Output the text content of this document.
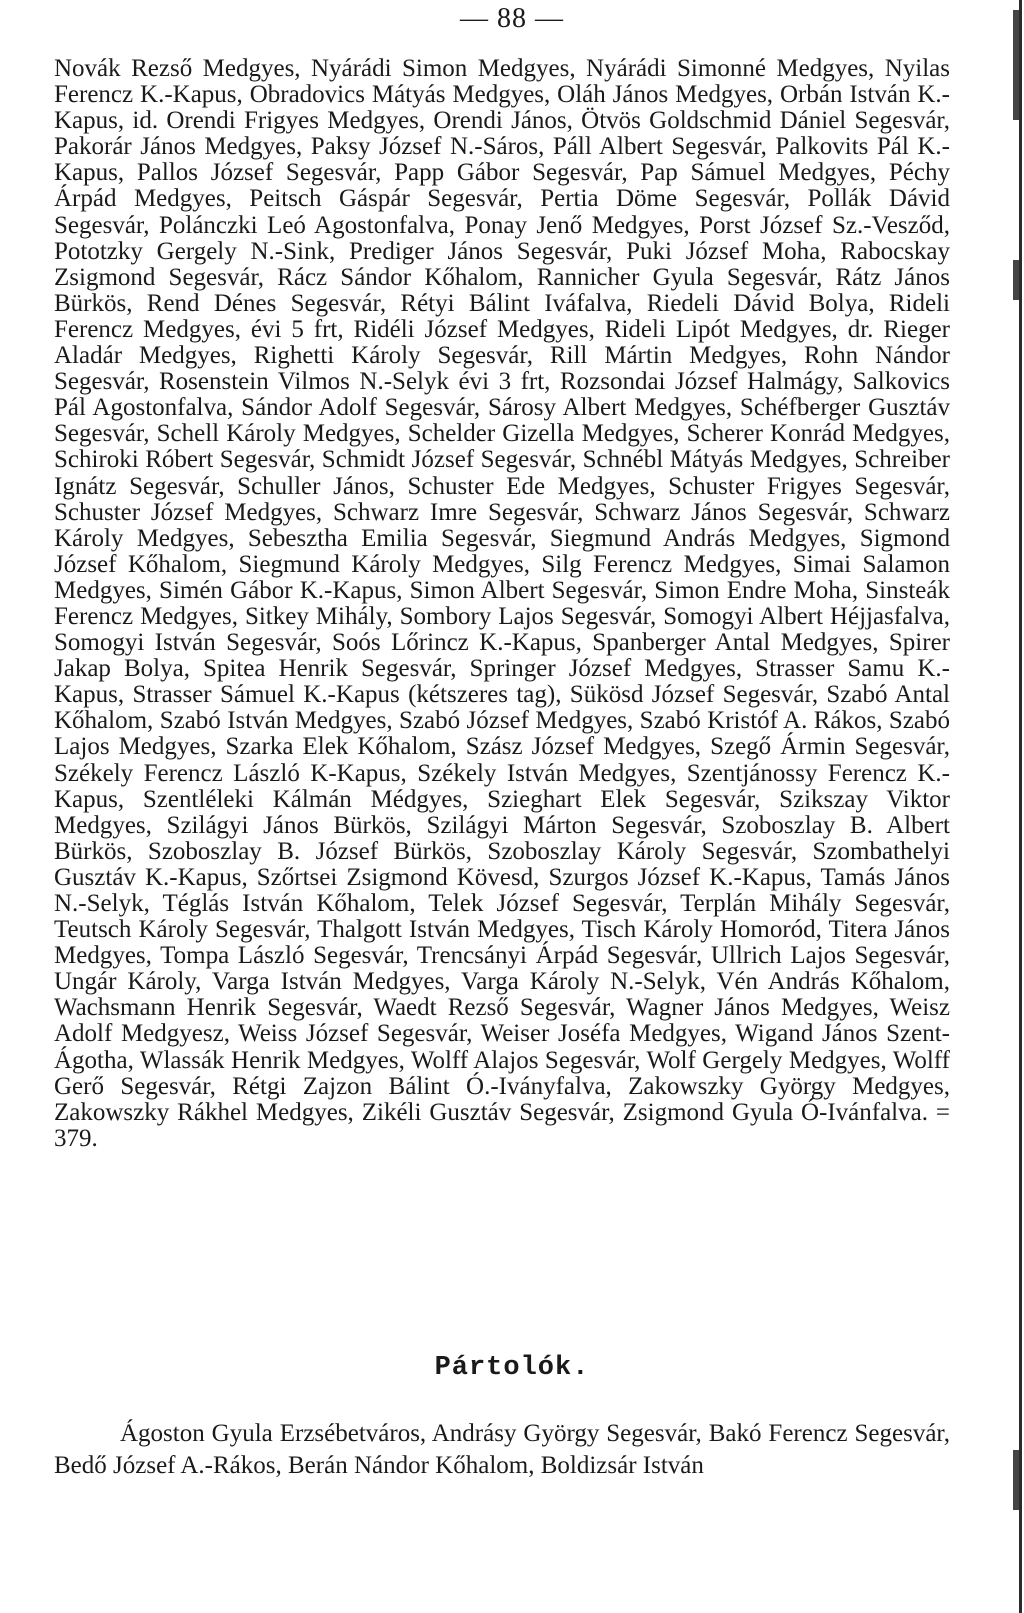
— 88 —

Novák Rezső Medgyes, Nyárádi Simon Medgyes, Nyárádi Simonné Medgyes, Nyilas Ferencz K.-Kapus, Obradovics Mátyás Medgyes, Oláh János Medgyes, Orbán István K.-Kapus, id. Orendi Frigyes Medgyes, Orendi János, Ötvös Goldschmid Dániel Segesvár, Pakorár János Medgyes, Paksy József N.-Sáros, Páll Albert Segesvár, Palkovits Pál K.-Kapus, Pallos József Segesvár, Papp Gábor Segesvár, Pap Sámuel Medgyes, Péchy Árpád Medgyes, Peitsch Gáspár Segesvár, Pertia Döme Segesvár, Pollák Dávid Segesvár, Polánczki Leó Agostonfalva, Ponay Jenő Medgyes, Porst József Sz.-Vesződ, Pototzky Gergely N.-Sink, Prediger János Segesvár, Puki József Moha, Rabocskay Zsigmond Segesvár, Rácz Sándor Kőhalom, Rannicher Gyula Segesvár, Rátz János Bürkös, Rend Dénes Segesvár, Rétyi Bálint Iváfalva, Riedeli Dávid Bolya, Rideli Ferencz Medgyes, évi 5 frt, Ridéli József Medgyes, Rideli Lipót Medgyes, dr. Rieger Aladár Medgyes, Righetti Károly Segesvár, Rill Mártin Medgyes, Rohn Nándor Segesvár, Rosenstein Vilmos N.-Selyk évi 3 frt, Rozsondai József Halmágy, Salkovics Pál Agostonfalva, Sándor Adolf Segesvár, Sárosy Albert Medgyes, Schéfberger Gusztáv Segesvár, Schell Károly Medgyes, Schelder Gizella Medgyes, Scherer Konrád Medgyes, Schiroki Róbert Segesvár, Schmidt József Segesvár, Schnébl Mátyás Medgyes, Schreiber Ignátz Segesvár, Schuller János, Schuster Ede Medgyes, Schuster Frigyes Segesvár, Schuster József Medgyes, Schwarz Imre Segesvár, Schwarz János Segesvár, Schwarz Károly Medgyes, Sebesztha Emilia Segesvár, Siegmund András Medgyes, Sigmond József Kőhalom, Siegmund Károly Medgyes, Silg Ferencz Medgyes, Simai Salamon Medgyes, Simén Gábor K.-Kapus, Simon Albert Segesvár, Simon Endre Moha, Sinsteák Ferencz Medgyes, Sitkey Mihály, Sombory Lajos Segesvár, Somogyi Albert Héjjasfalva, Somogyi István Segesvár, Soós Lőrincz K.-Kapus, Spanberger Antal Medgyes, Spirer Jakap Bolya, Spitea Henrik Segesvár, Springer József Medgyes, Strasser Samu K.-Kapus, Strasser Sámuel K.-Kapus (kétszeres tag), Sükösd József Segesvár, Szabó Antal Kőhalom, Szabó István Medgyes, Szabó József Medgyes, Szabó Kristóf A. Rákos, Szabó Lajos Medgyes, Szarka Elek Kőhalom, Szász József Medgyes, Szegő Ármin Segesvár, Székely Ferencz László K-Kapus, Székely István Medgyes, Szentjánossy Ferencz K.-Kapus, Szentléleki Kálmán Médgyes, Szieghart Elek Segesvár, Szikszay Viktor Medgyes, Szilágyi János Bürkös, Szilágyi Márton Segesvár, Szoboszlay B. Albert Bürkös, Szoboszlay B. József Bürkös, Szoboszlay Károly Segesvár, Szombathelyi Gusztáv K.-Kapus, Szőrtsei Zsigmond Kövesd, Szurgos József K.-Kapus, Tamás János N.-Selyk, Téglás István Kőhalom, Telek József Segesvár, Terplán Mihály Segesvár, Teutsch Károly Segesvár, Thalgott István Medgyes, Tisch Károly Homoród, Titera János Medgyes, Tompa László Segesvár, Trencsányi Árpád Segesvár, Ullrich Lajos Segesvár, Ungár Károly, Varga István Medgyes, Varga Károly N.-Selyk, Vén András Kőhalom, Wachsmann Henrik Segesvár, Waedt Rezső Segesvár, Wagner János Medgyes, Weisz Adolf Medgyesz, Weiss József Segesvár, Weiser Joséfa Medgyes, Wigand János Szent-Ágotha, Wlassák Henrik Medgyes, Wolff Alajos Segesvár, Wolf Gergely Medgyes, Wolff Gerő Segesvár, Rétgi Zajzon Bálint Ó.-Iványfalva, Zakowszky György Medgyes, Zakowszky Rákhel Medgyes, Zikéli Gusztáv Segesvár, Zsigmond Gyula Ó-Ivánfalva. = 379.

Pártolók.

Ágoston Gyula Erzsébetváros, Andrásy György Segesvár, Bakó Ferencz Segesvár, Bedő József A.-Rákos, Berán Nándor Kőhalom, Boldizsár István
